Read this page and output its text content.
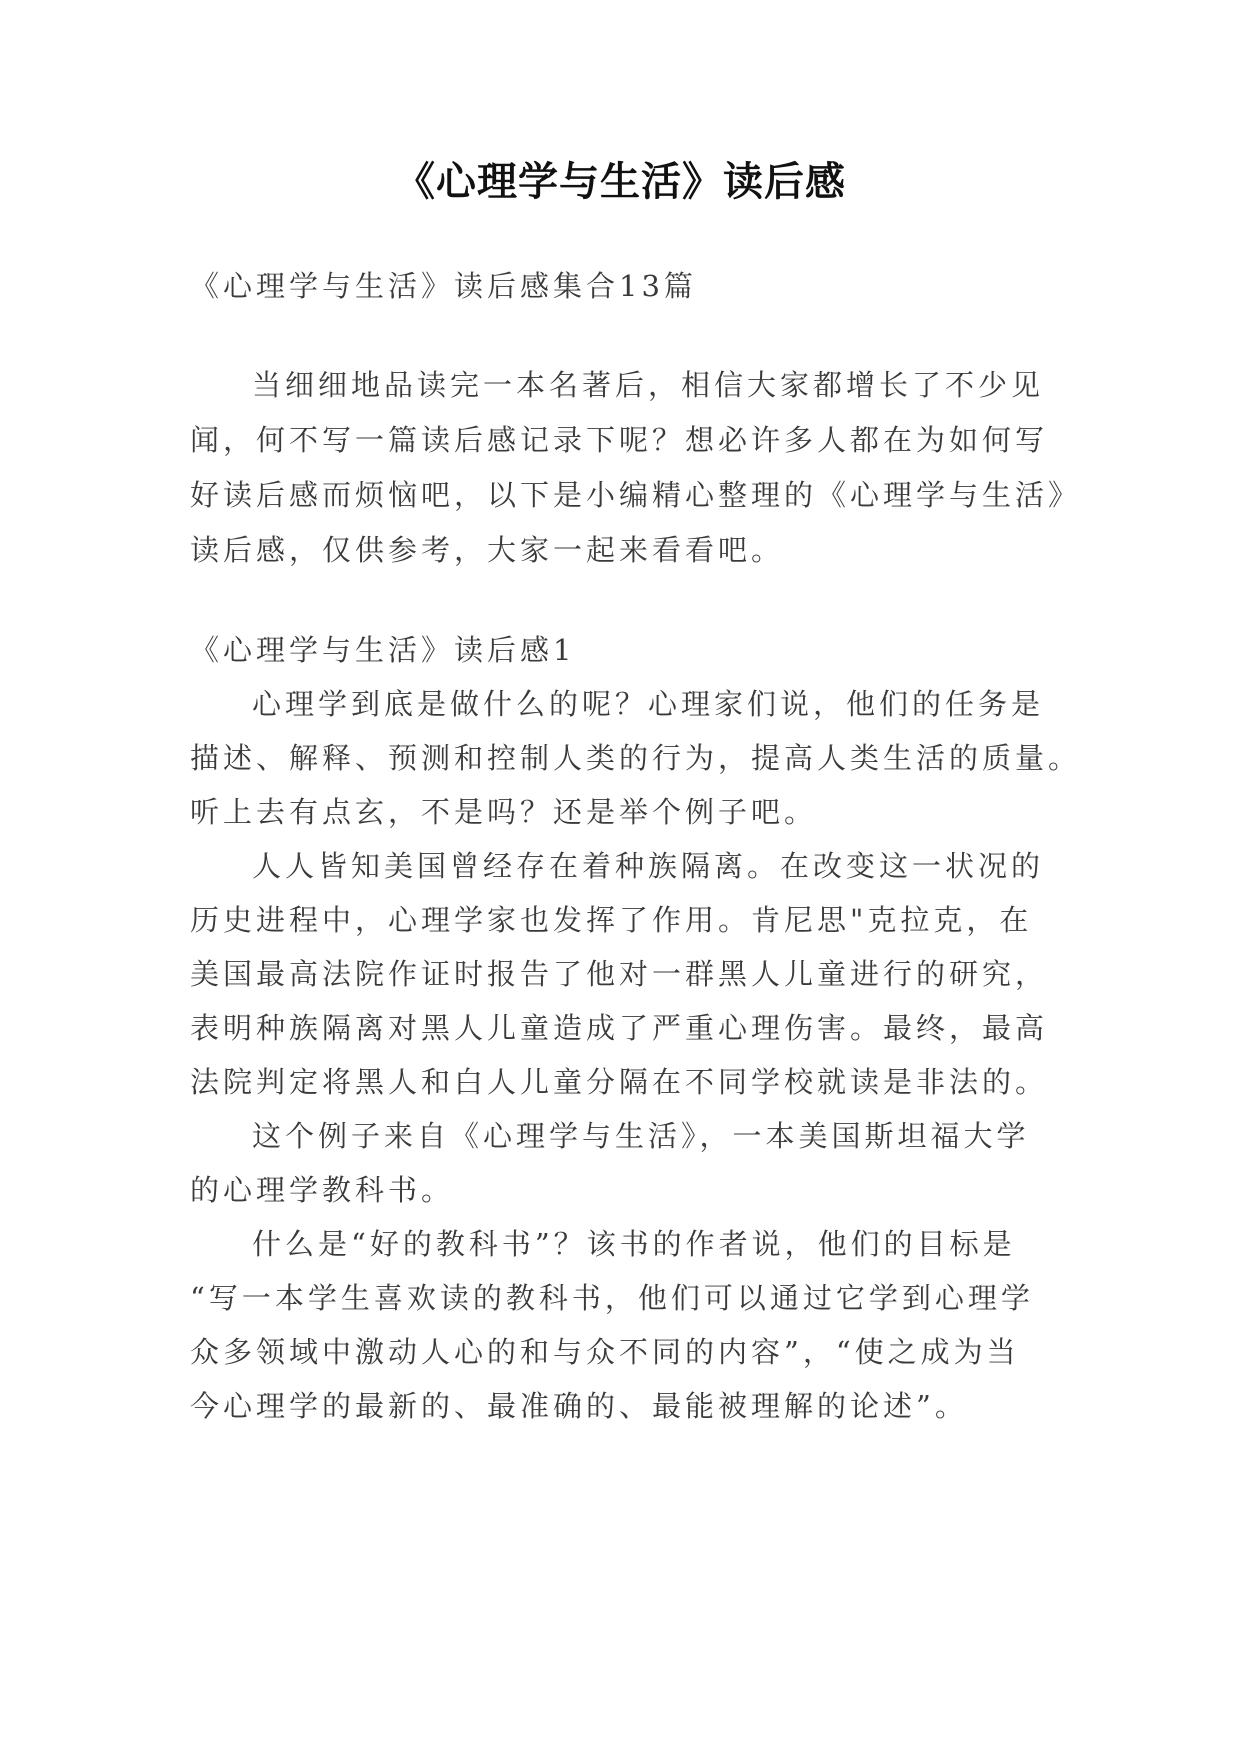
《心理学与生活》读后感

《心理学与生活》读后感集合13篇

当细细地品读完一本名著后，相信大家都增长了不少见

闻，何不写一篇读后感记录下呢？想必许多人都在为如何写

好读后感而烦恼吧，以下是小编精心整理的《心理学与生活》

读后感，仅供参考，大家一起来看看吧。

《心理学与生活》读后感1

心理学到底是做什么的呢？心理家们说，他们的任务是

描述、解释、预测和控制人类的行为，提高人类生活的质量。

听上去有点玄，不是吗？还是举个例子吧。

人人皆知美国曾经存在着种族隔离。在改变这一状况的

历史进程中，心理学家也发挥了作用。肯尼思"克拉克，在

美国最高法院作证时报告了他对一群黑人儿童进行的研究，

表明种族隔离对黑人儿童造成了严重心理伤害。最终，最高

法院判定将黑人和白人儿童分隔在不同学校就读是非法的。

这个例子来自《心理学与生活》，一本美国斯坦福大学

的心理学教科书。

什么是“好的教科书”？该书的作者说，他们的目标是

“写一本学生喜欢读的教科书，他们可以通过它学到心理学

众多领域中激动人心的和与众不同的内容”，“使之成为当

今心理学的最新的、最准确的、最能被理解的论述”。
